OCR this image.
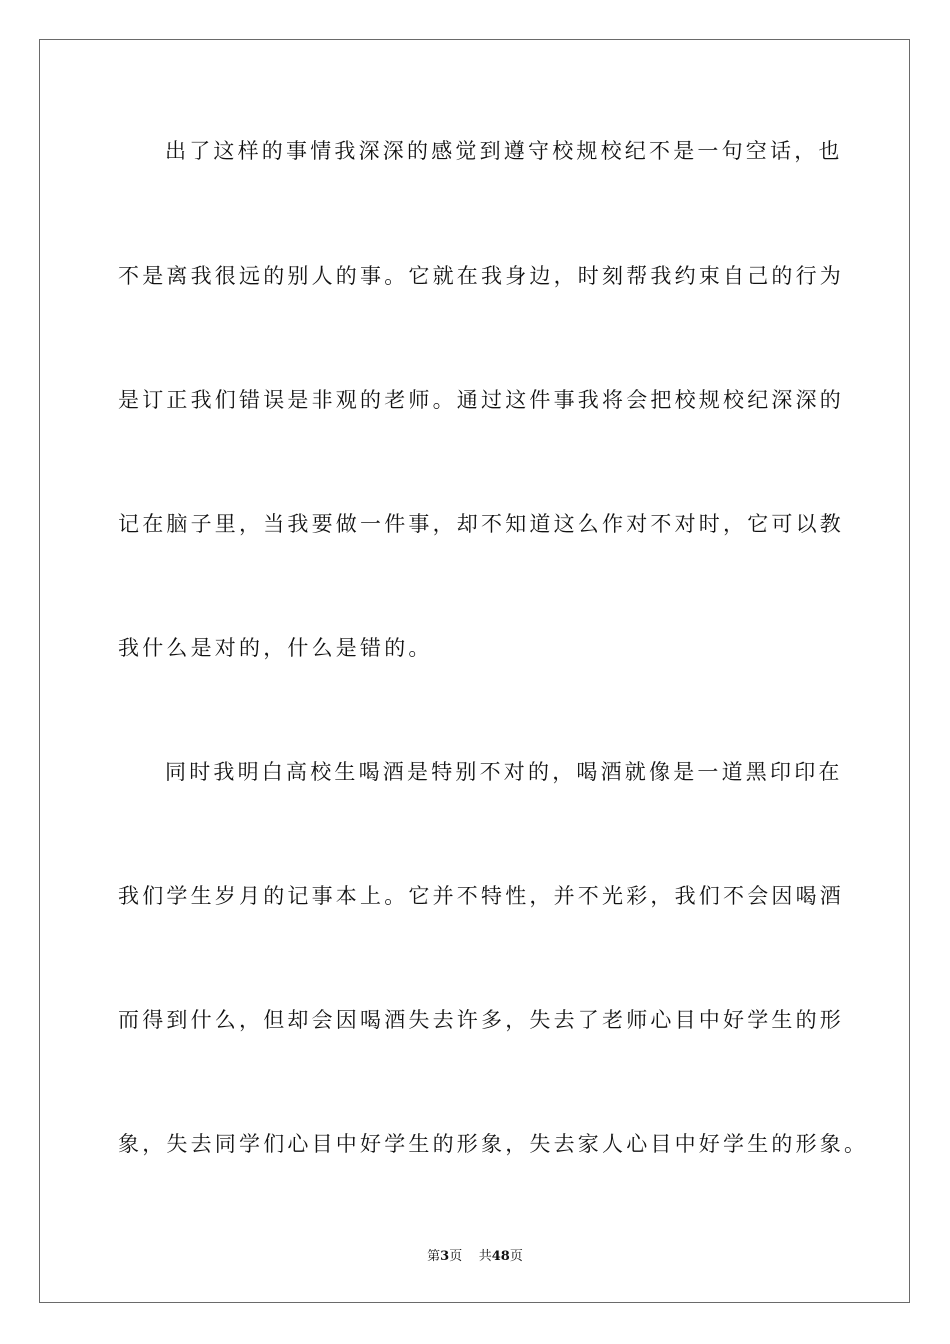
出了这样的事情我深深的感觉到遵守校规校纪不是一句空话，也
不是离我很远的别人的事。它就在我身边，时刻帮我约束自己的行为
是订正我们错误是非观的老师。通过这件事我将会把校规校纪深深的
记在脑子里，当我要做一件事，却不知道这么作对不对时，它可以教
我什么是对的，什么是错的。
同时我明白高校生喝酒是特别不对的，喝酒就像是一道黑印印在
我们学生岁月的记事本上。它并不特性，并不光彩，我们不会因喝酒
而得到什么，但却会因喝酒失去许多，失去了老师心目中好学生的形
象，失去同学们心目中好学生的形象，失去家人心目中好学生的形象。
第3页 共48页
